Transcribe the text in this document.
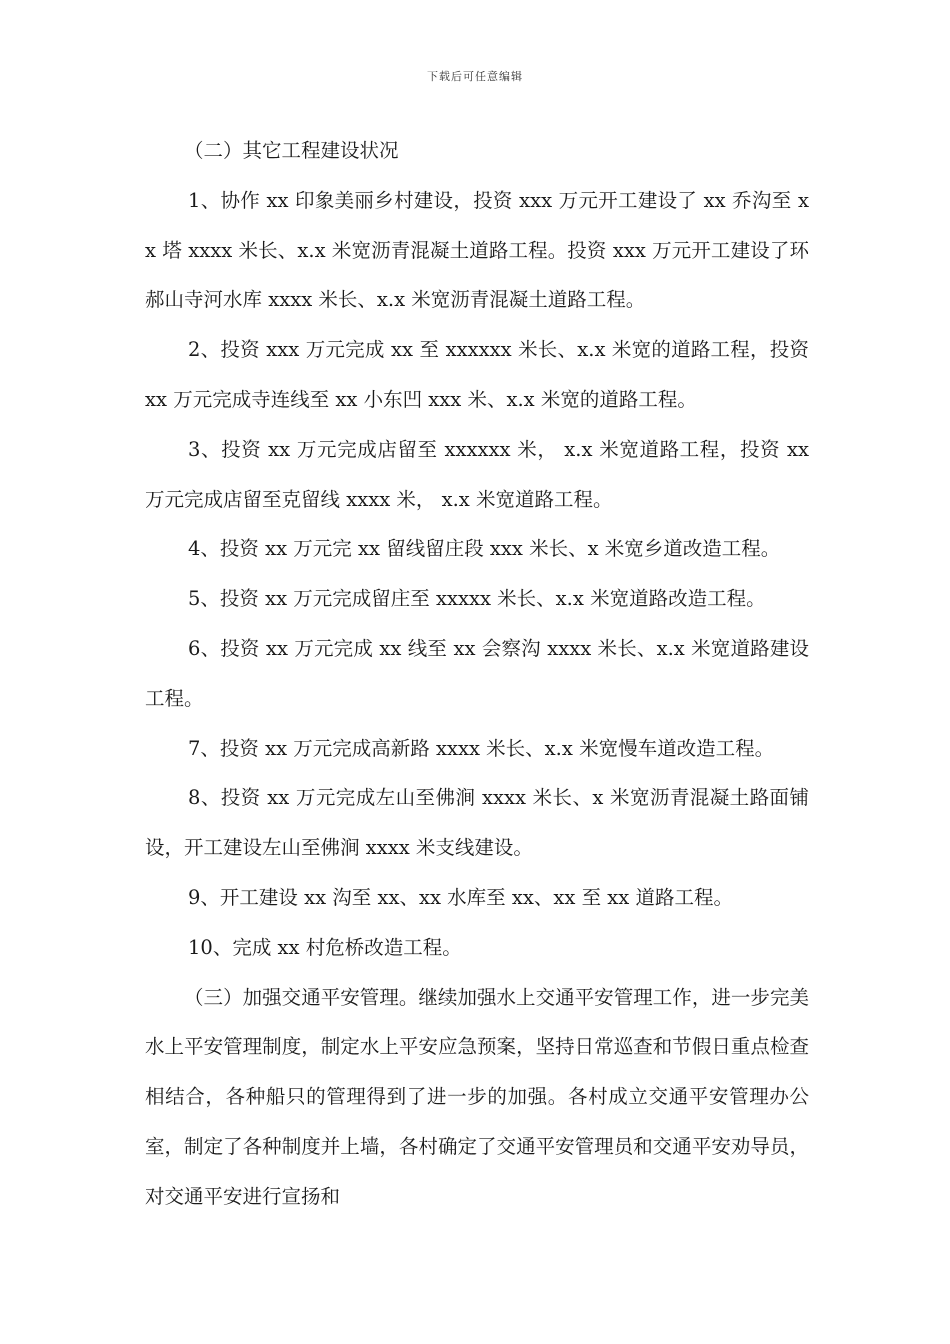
下载后可任意编辑

（二）其它工程建设状况

1、协作 xx 印象美丽乡村建设，投资 xxx 万元开工建设了 xx 乔沟至 xx 塔 xxxx 米长、x.x 米宽沥青混凝土道路工程。投资 xxx 万元开工建设了环郝山寺河水库 xxxx 米长、x.x 米宽沥青混凝土道路工程。

2、投资 xxx 万元完成 xx 至 xxxxxx 米长、x.x 米宽的道路工程，投资 xx 万元完成寺连线至 xx 小东凹 xxx 米、x.x 米宽的道路工程。

3、投资 xx 万元完成店留至 xxxxxx 米， x.x 米宽道路工程，投资 xx 万元完成店留至克留线 xxxx 米， x.x 米宽道路工程。

4、投资 xx 万元完 xx 留线留庄段 xxx 米长、x 米宽乡道改造工程。

5、投资 xx 万元完成留庄至 xxxxx 米长、x.x 米宽道路改造工程。

6、投资 xx 万元完成 xx 线至 xx 会察沟 xxxx 米长、x.x 米宽道路建设工程。

7、投资 xx 万元完成高新路 xxxx 米长、x.x 米宽慢车道改造工程。

8、投资 xx 万元完成左山至佛涧 xxxx 米长、x 米宽沥青混凝土路面铺设，开工建设左山至佛涧 xxxx 米支线建设。

9、开工建设 xx 沟至 xx、xx 水库至 xx、xx 至 xx 道路工程。

10、完成 xx 村危桥改造工程。

（三）加强交通平安管理。继续加强水上交通平安管理工作，进一步完美水上平安管理制度，制定水上平安应急预案，坚持日常巡查和节假日重点检查相结合，各种船只的管理得到了进一步的加强。各村成立交通平安管理办公室，制定了各种制度并上墙，各村确定了交通平安管理员和交通平安劝导员，对交通平安进行宣扬和
